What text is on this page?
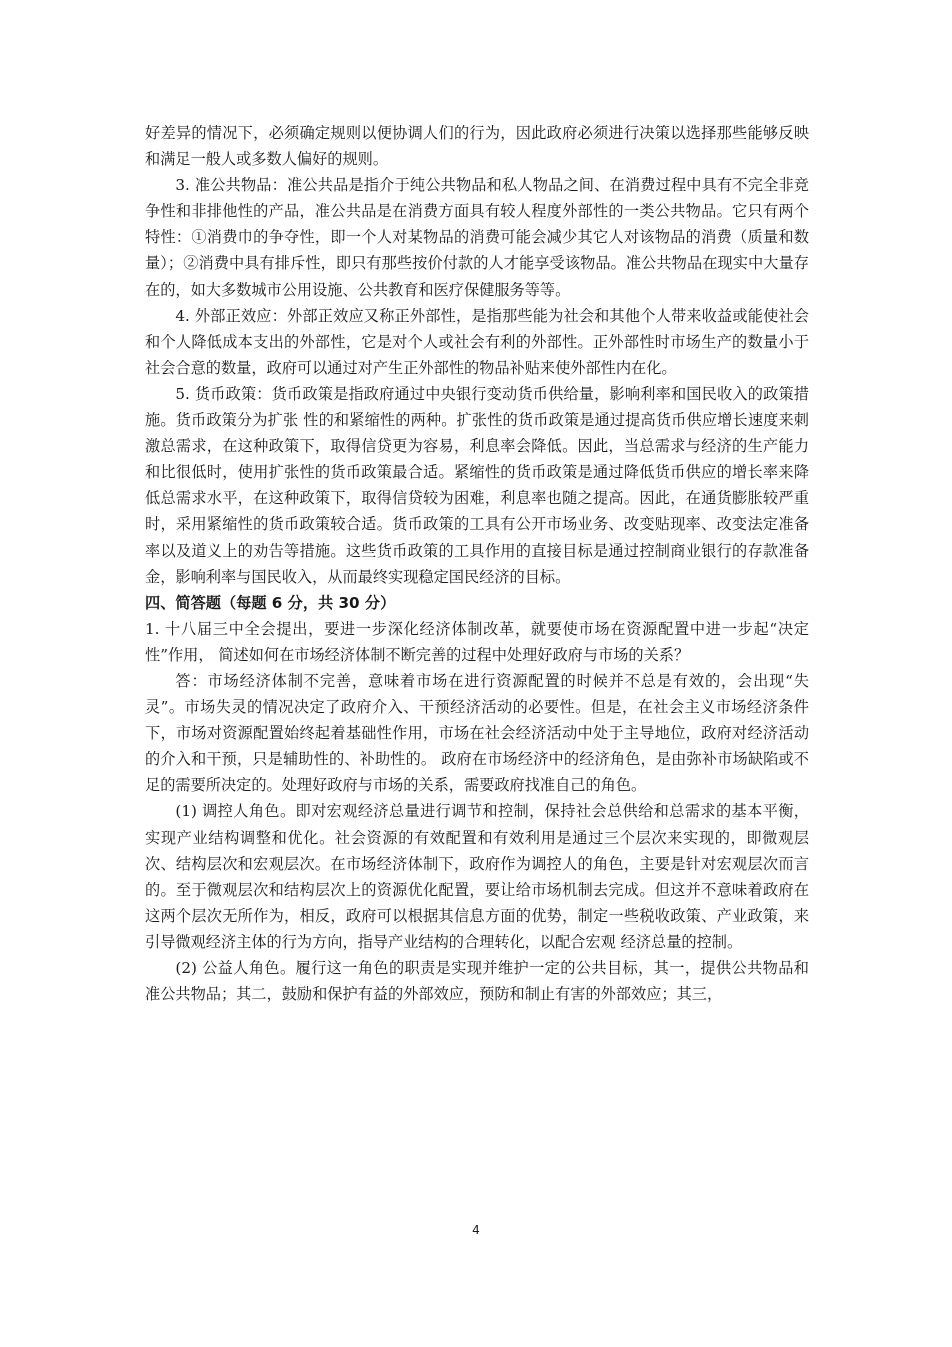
好差异的情况下，必须确定规则以便协调人们的行为，因此政府必须进行决策以选择那些能够反映和满足一般人或多数人偏好的规则。

3. 准公共物品：准公共品是指介于纯公共物品和私人物品之间、在消费过程中具有不完全非竞争性和非排他性的产品，准公共品是在消费方面具有较人程度外部性的一类公共物品。它只有两个特性：①消费巾的争夺性，即一个人对某物品的消费可能会减少其它人对该物品的消费（质量和数量）；②消费中具有排斥性，即只有那些按价付款的人才能享受该物品。准公共物品在现实中大量存在的，如大多数城市公用设施、公共教育和医疗保健服务等等。

4. 外部正效应：外部正效应又称正外部性，是指那些能为社会和其他个人带来收益或能使社会和个人降低成本支出的外部性，它是对个人或社会有利的外部性。正外部性时市场生产的数量小于社会合意的数量，政府可以通过对产生正外部性的物品补贴来使外部性内在化。

5. 货币政策：货币政策是指政府通过中央银行变动货币供给量，影响利率和国民收入的政策措施。货币政策分为扩张 性的和紧缩性的两种。扩张性的货币政策是通过提高货币供应增长速度来刺激总需求，在这种政策下，取得信贷更为容易，利息率会降低。因此，当总需求与经济的生产能力和比很低时，使用扩张性的货币政策最合适。紧缩性的货币政策是通过降低货币供应的增长率来降低总需求水平，在这种政策下，取得信贷较为困难，利息率也随之提高。因此，在通货膨胀较严重时，采用紧缩性的货币政策较合适。货币政策的工具有公开市场业务、改变贴现率、改变法定准备率以及道义上的劝告等措施。这些货币政策的工具作用的直接目标是通过控制商业银行的存款准备金，影响利率与国民收入，从而最终实现稳定国民经济的目标。

四、简答题（每题 6 分，共 30 分）

1. 十八届三中全会提出，要进一步深化经济体制改革，就要使市场在资源配置中进一步起“决定性”作用， 简述如何在市场经济体制不断完善的过程中处理好政府与市场的关系？

答：市场经济体制不完善，意味着市场在进行资源配置的时候并不总是有效的，会出现“失灵”。市场失灵的情况决定了政府介入、干预经济活动的必要性。但是，在社会主义市场经济条件下，市场对资源配置始终起着基础性作用，市场在社会经济活动中处于主导地位，政府对经济活动的介入和干预，只是辅助性的、补助性的。 政府在市场经济中的经济角色，是由弥补市场缺陷或不足的需要所决定的。处理好政府与市场的关系，需要政府找准自己的角色。

(1) 调控人角色。即对宏观经济总量进行调节和控制，保持社会总供给和总需求的基本平衡，实现产业结构调整和优化。社会资源的有效配置和有效利用是通过三个层次来实现的，即微观层次、结构层次和宏观层次。在市场经济体制下，政府作为调控人的角色，主要是针对宏观层次而言的。至于微观层次和结构层次上的资源优化配置，要让给市场机制去完成。但这并不意味着政府在这两个层次无所作为，相反，政府可以根据其信息方面的优势，制定一些税收政策、产业政策，来引导微观经济主体的行为方向，指导产业结构的合理转化，以配合宏观 经济总量的控制。

(2) 公益人角色。履行这一角色的职责是实现并维护一定的公共目标，其一，提供公共物品和准公共物品；其二，鼓励和保护有益的外部效应，预防和制止有害的外部效应；其三，

4
